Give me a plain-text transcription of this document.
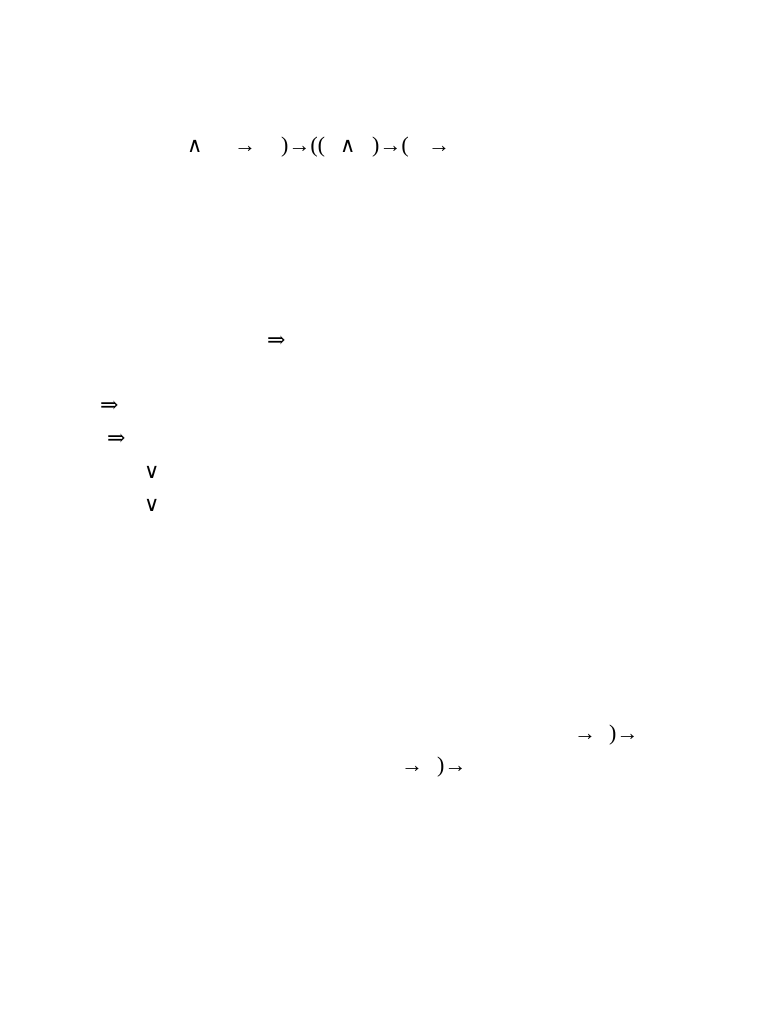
∧ → )→(( ∧ )→( →
⇒
⇒
⇒
∨
∨
→ )→
→ )→
